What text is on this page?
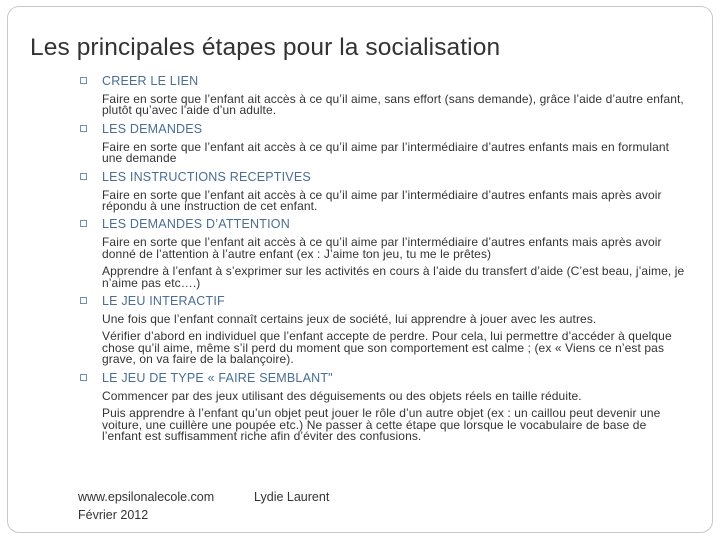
Les principales étapes pour la socialisation
CREER LE LIEN
Faire en sorte que l’enfant ait accès à ce qu’il aime, sans effort (sans demande), grâce l’aide d’autre enfant, plutôt qu’avec l’aide d’un adulte.
LES DEMANDES
Faire en sorte que l’enfant ait accès à ce qu’il aime par l’intermédiaire d’autres enfants mais en formulant une demande
LES INSTRUCTIONS RECEPTIVES
Faire en sorte que l’enfant ait accès à ce qu’il aime par l’intermédiaire d’autres enfants mais après avoir répondu à une instruction de cet enfant.
LES DEMANDES D’ATTENTION
Faire en sorte que l’enfant ait accès à ce qu’il aime par l’intermédiaire d’autres enfants mais après avoir donné de l’attention à l’autre enfant (ex : J’aime ton jeu, tu me le prêtes)
Apprendre à l’enfant à s’exprimer sur les activités en cours à l’aide du transfert d’aide (C’est beau, j’aime, je n’aime pas etc….)
LE JEU INTERACTIF
Une fois que l’enfant connaît certains jeux de société, lui apprendre à jouer avec les autres.
Vérifier d’abord en individuel que l’enfant accepte de perdre. Pour cela, lui permettre d’accéder à quelque chose qu’il aime, même s’il perd du moment que son comportement est calme ; (ex « Viens ce n’est pas grave, on va faire de la balançoire).
LE JEU DE TYPE « FAIRE SEMBLANT"
Commencer par des jeux utilisant des déguisements ou des objets réels en taille réduite.
Puis apprendre à l’enfant qu’un objet peut jouer le rôle d’un autre objet (ex : un caillou peut devenir une voiture, une cuillère une poupée etc.) Ne passer à cette étape que lorsque le vocabulaire de base de l’enfant est suffisamment riche afin d’éviter des confusions.
www.epsilonalecole.com
Février 2012
Lydie Laurent
